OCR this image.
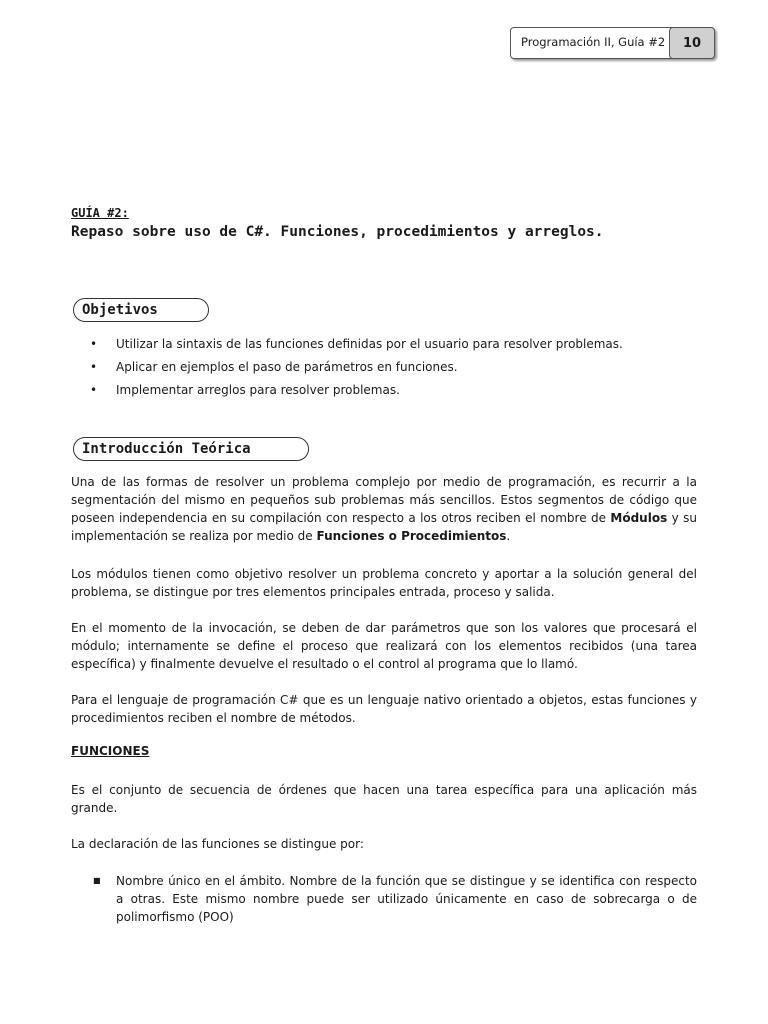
Programación II, Guía #2	10
GUÍA #2:
Repaso sobre uso de C#. Funciones, procedimientos y arreglos.
Objetivos
•	Utilizar la sintaxis de las funciones definidas por el usuario para resolver problemas.
•	Aplicar en ejemplos el paso de parámetros en funciones.
•	Implementar arreglos para resolver problemas.
Introducción Teórica

Una de las formas de resolver un problema complejo por medio de programación, es recurrir a la segmentación del mismo en pequeños sub problemas más sencillos. Estos segmentos de código que poseen independencia en su compilación con respecto a los otros reciben el nombre de Módulos y su implementación se realiza por medio de Funciones o Procedimientos.

Los módulos tienen como objetivo resolver un problema concreto y aportar a la solución general del problema, se distingue por tres elementos principales entrada, proceso y salida.

En el momento de la invocación, se deben de dar parámetros que son los valores que procesará el módulo; internamente se define el proceso que realizará con los elementos recibidos (una tarea específica) y finalmente devuelve el resultado o el control al programa que lo llamó.

Para el lenguaje de programación C# que es un lenguaje nativo orientado a objetos, estas funciones y procedimientos reciben el nombre de métodos.

FUNCIONES

Es el conjunto de secuencia de órdenes que hacen una tarea específica para una aplicación más grande.

La declaración de las funciones se distingue por:

■	Nombre único en el ámbito. Nombre de la función que se distingue y se identifica con respecto a otras. Este mismo nombre puede ser utilizado únicamente en caso de sobrecarga o de polimorfismo (POO)
